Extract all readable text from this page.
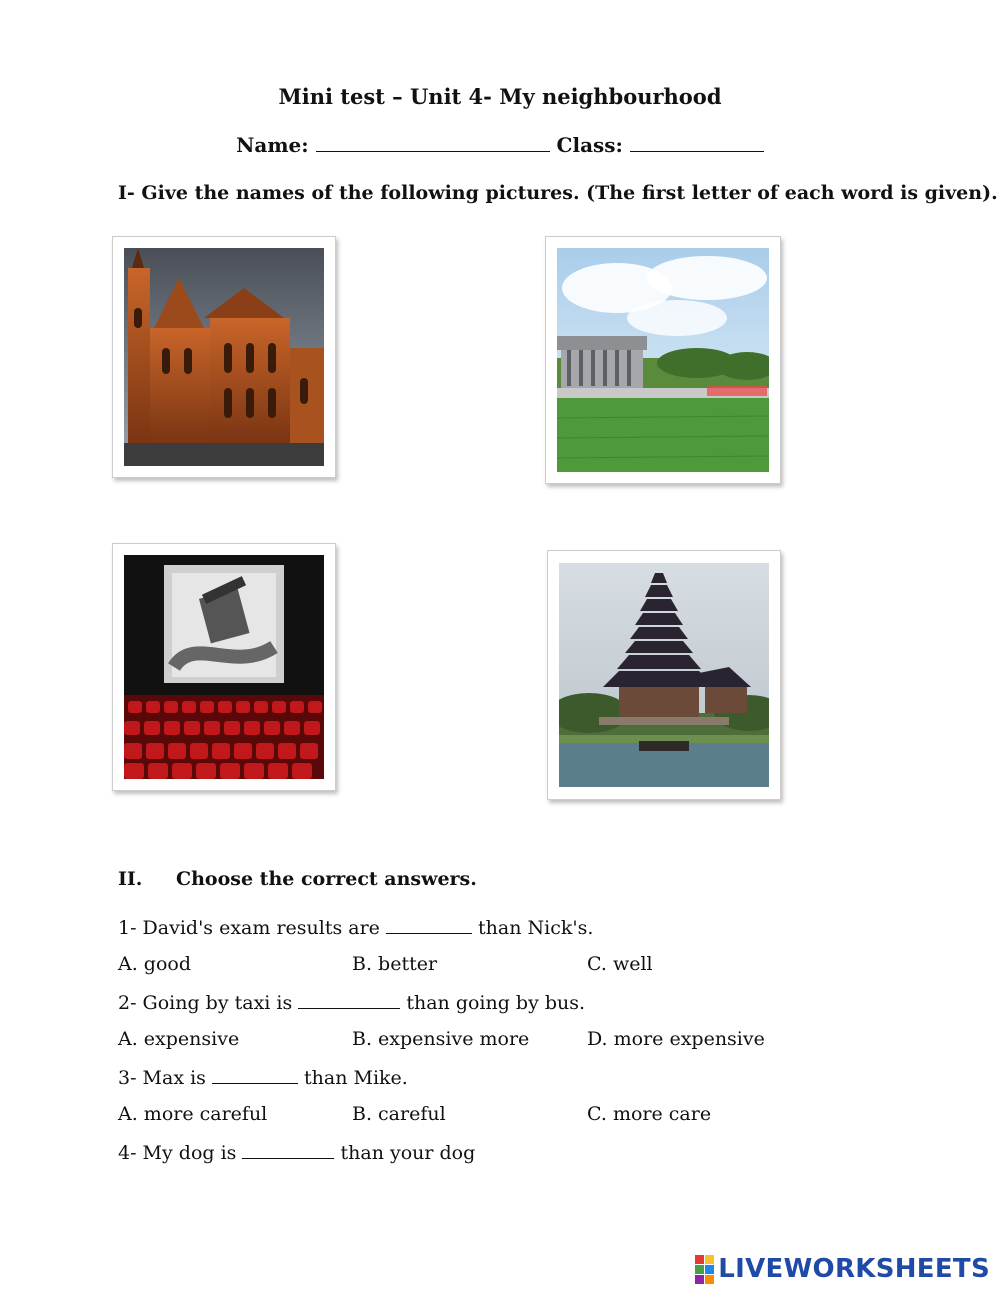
Mini test – Unit 4- My neighbourhood
Name:	Class:
I- Give the names of the following pictures. (The first letter of each word is given).
II. Choose the correct answers.
1- David's exam results are	than Nick's.
A. good	B. better	C. well
2- Going by taxi is	than going by bus.
A. expensive	B. expensive more	D. more expensive
3- Max is	than Mike.
A. more careful	B. careful	C. more care
4- My dog is	than your dog
LIVEWORKSHEETS
